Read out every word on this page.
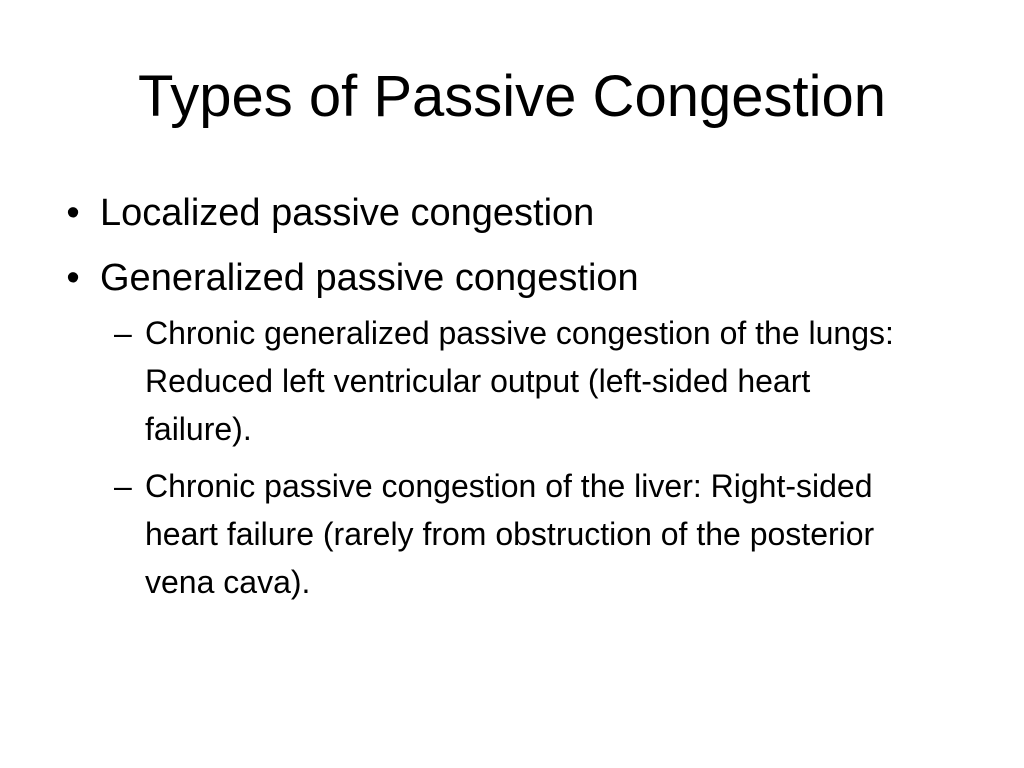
Types of Passive Congestion
• Localized passive congestion
• Generalized passive congestion
– Chronic generalized passive congestion of the lungs: Reduced left ventricular output (left-sided heart failure).
– Chronic passive congestion of the liver: Right-sided heart failure (rarely from obstruction of the posterior vena cava).
